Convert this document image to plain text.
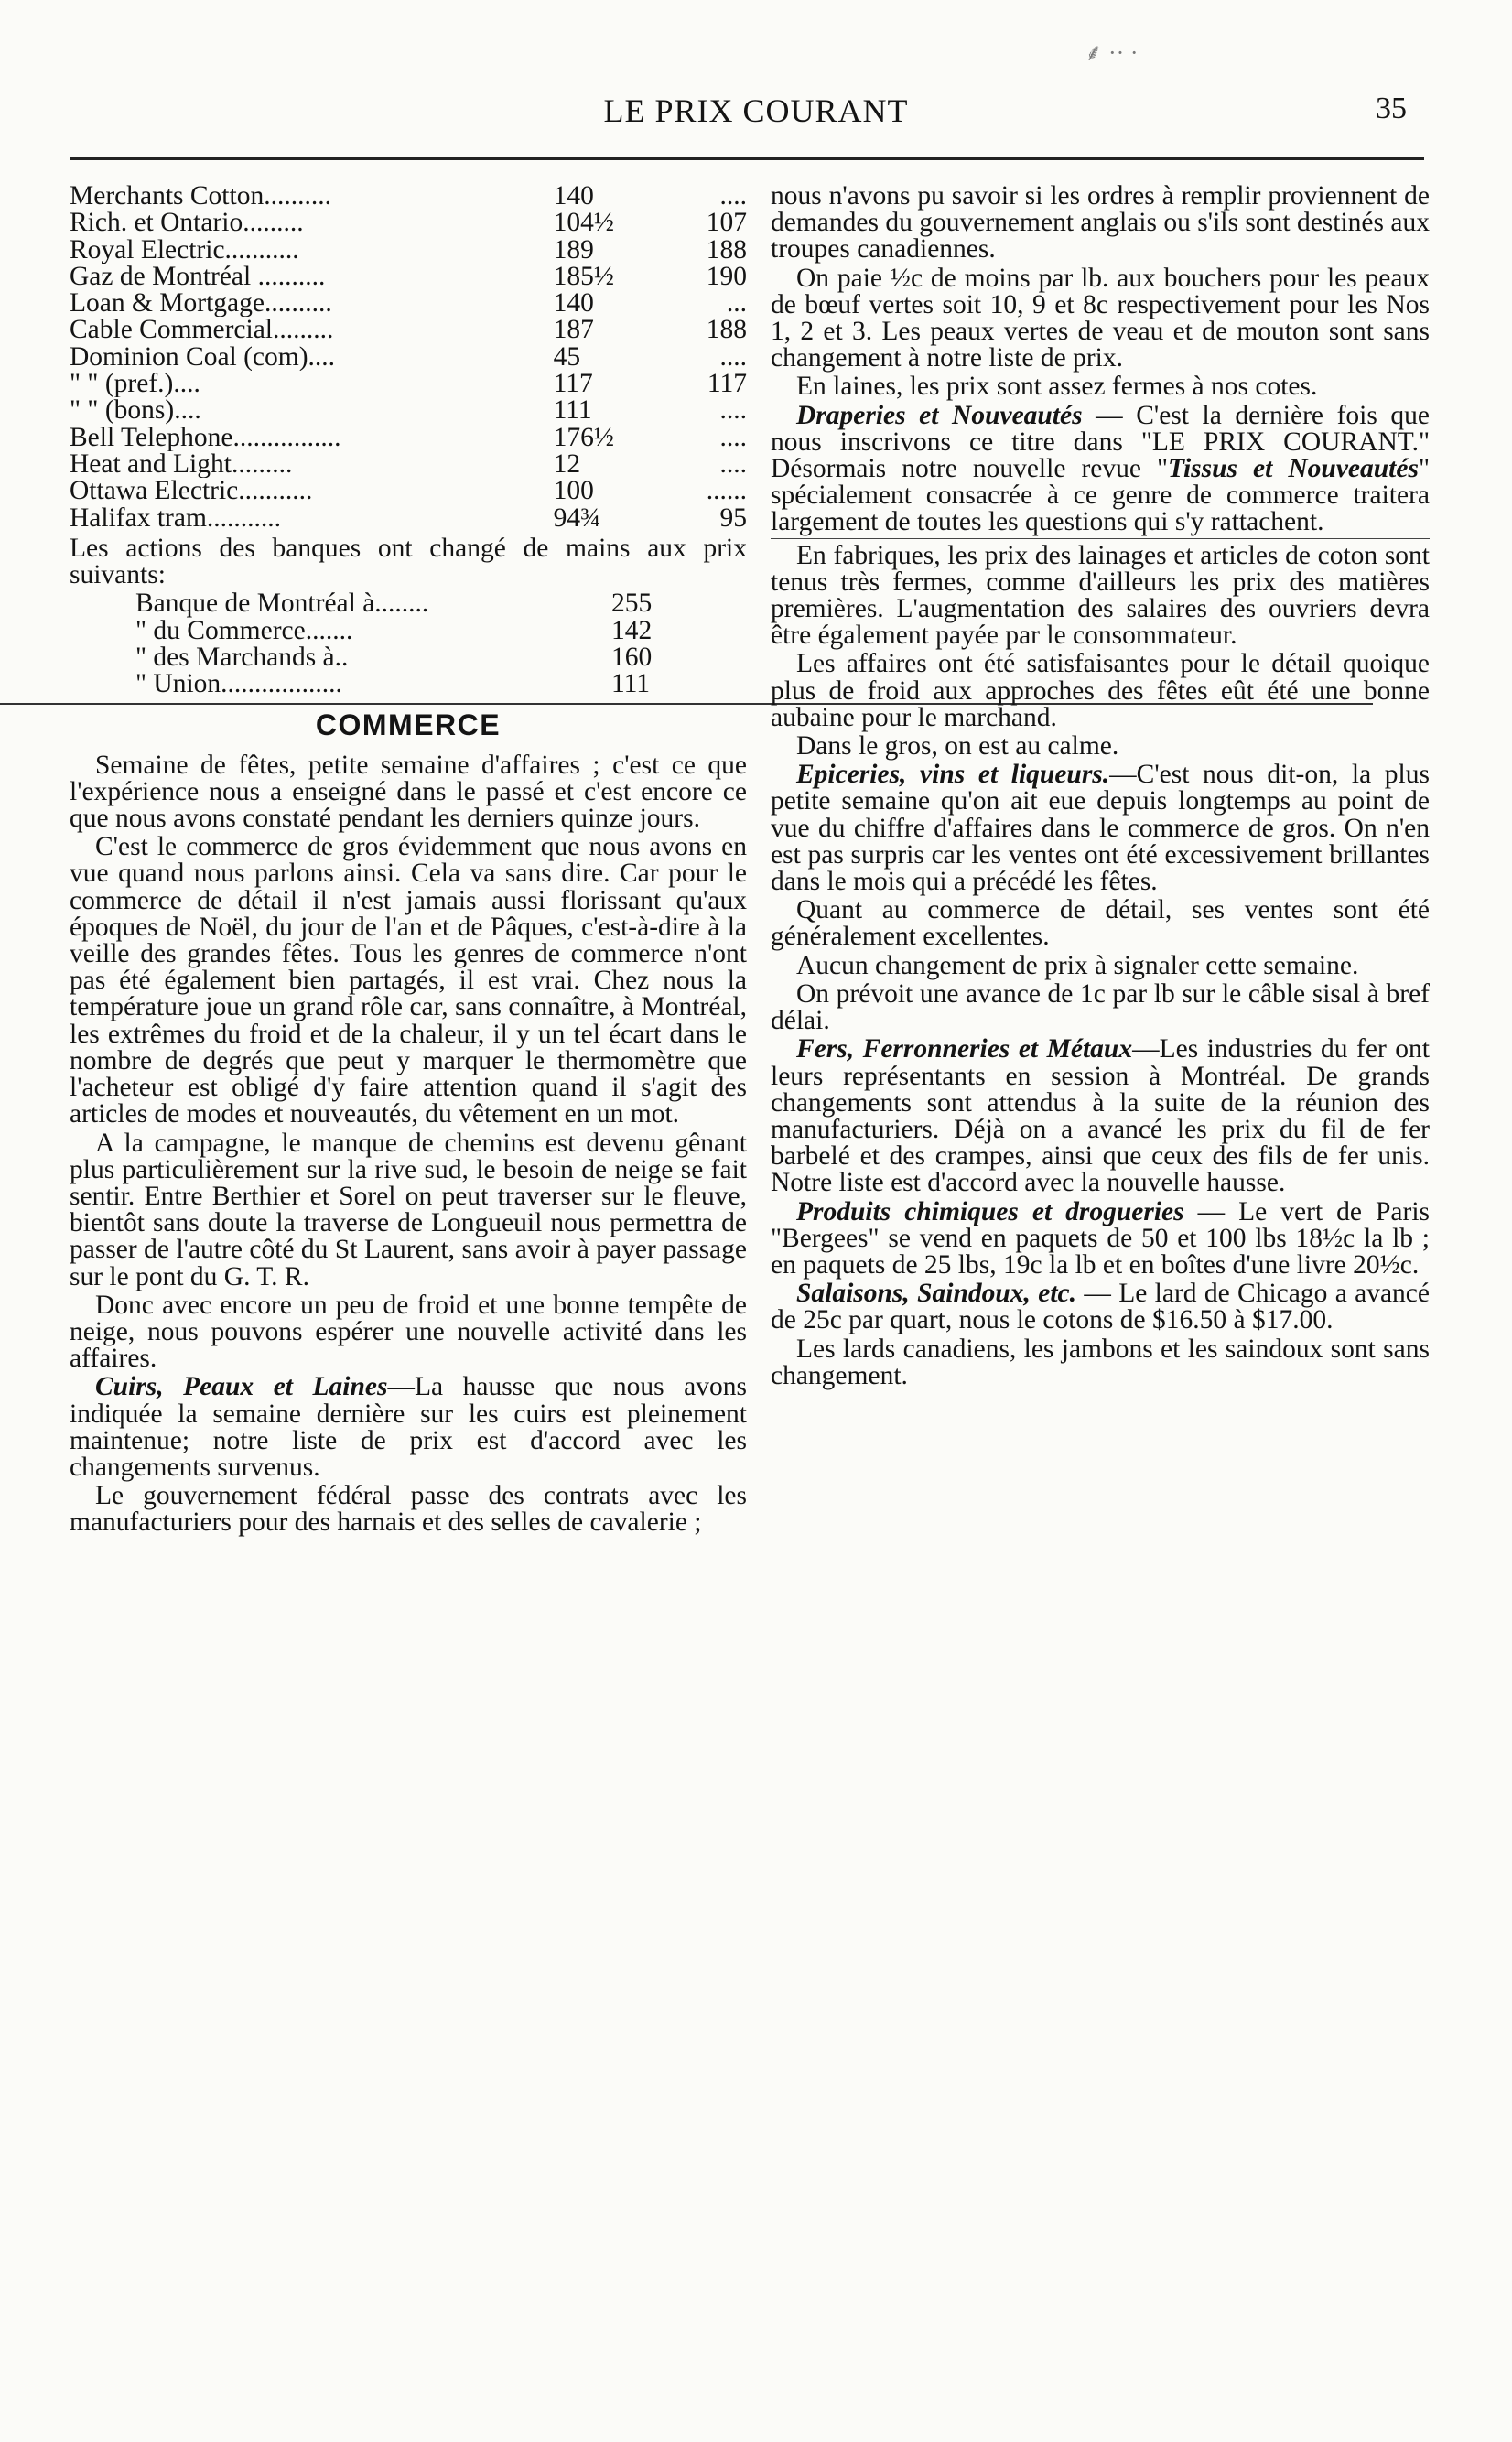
⸙ ·· ·
LE PRIX COURANT	35
Merchants Cotton..........	140	....
Rich. et Ontario.........	104½	107
Royal Electric...........	189	188
Gaz de Montréal ..........	185½	190
Loan & Mortgage..........	140	...
Cable Commercial.........	187	188
Dominion Coal (com)....	45	....
" " (pref.)....	117	117
" " (bons)....	111	....
Bell Telephone................	176½	....
Heat and Light.........	12	....
Ottawa Electric...........	100	......
Halifax tram...........	94¾	95

Les actions des banques ont changé de mains aux prix suivants:

Banque de Montréal à........	255
" du Commerce.......	142
" des Marchands à..	160
" Union..................	111
COMMERCE

Semaine de fêtes, petite semaine d'affaires ; c'est ce que l'expérience nous a enseigné dans le passé et c'est encore ce que nous avons constaté pendant les derniers quinze jours.

C'est le commerce de gros évidemment que nous avons en vue quand nous parlons ainsi. Cela va sans dire. Car pour le commerce de détail il n'est jamais aussi florissant qu'aux époques de Noël, du jour de l'an et de Pâques, c'est-à-dire à la veille des grandes fêtes. Tous les genres de commerce n'ont pas été également bien partagés, il est vrai. Chez nous la température joue un grand rôle car, sans connaître, à Montréal, les extrêmes du froid et de la chaleur, il y un tel écart dans le nombre de degrés que peut y marquer le thermomètre que l'acheteur est obligé d'y faire attention quand il s'agit des articles de modes et nouveautés, du vêtement en un mot.

A la campagne, le manque de chemins est devenu gênant plus particulièrement sur la rive sud, le besoin de neige se fait sentir. Entre Berthier et Sorel on peut traverser sur le fleuve, bientôt sans doute la traverse de Longueuil nous permettra de passer de l'autre côté du St Laurent, sans avoir à payer passage sur le pont du G. T. R.

Donc avec encore un peu de froid et une bonne tempête de neige, nous pouvons espérer une nouvelle activité dans les affaires.

Cuirs, Peaux et Laines—La hausse que nous avons indiquée la semaine dernière sur les cuirs est pleinement maintenue; notre liste de prix est d'accord avec les changements survenus.

Le gouvernement fédéral passe des contrats avec les manufacturiers pour des harnais et des selles de cavalerie ;

nous n'avons pu savoir si les ordres à remplir proviennent de demandes du gouvernement anglais ou s'ils sont destinés aux troupes canadiennes.

On paie ½c de moins par lb. aux bouchers pour les peaux de bœuf vertes soit 10, 9 et 8c respectivement pour les Nos 1, 2 et 3. Les peaux vertes de veau et de mouton sont sans changement à notre liste de prix.

En laines, les prix sont assez fermes à nos cotes.

Draperies et Nouveautés — C'est la dernière fois que nous inscrivons ce titre dans "LE PRIX COURANT." Désormais notre nouvelle revue "Tissus et Nouveautés" spécialement consacrée à ce genre de commerce traitera largement de toutes les questions qui s'y rattachent.

En fabriques, les prix des lainages et articles de coton sont tenus très fermes, comme d'ailleurs les prix des matières premières. L'augmentation des salaires des ouvriers devra être également payée par le consommateur.

Les affaires ont été satisfaisantes pour le détail quoique plus de froid aux approches des fêtes eût été une bonne aubaine pour le marchand.

Dans le gros, on est au calme.

Epiceries, vins et liqueurs.—C'est nous dit-on, la plus petite semaine qu'on ait eue depuis longtemps au point de vue du chiffre d'affaires dans le commerce de gros. On n'en est pas surpris car les ventes ont été excessivement brillantes dans le mois qui a précédé les fêtes.

Quant au commerce de détail, ses ventes sont été généralement excellentes.

Aucun changement de prix à signaler cette semaine.

On prévoit une avance de 1c par lb sur le câble sisal à bref délai.

Fers, Ferronneries et Métaux—Les industries du fer ont leurs représentants en session à Montréal. De grands changements sont attendus à la suite de la réunion des manufacturiers. Déjà on a avancé les prix du fil de fer barbelé et des crampes, ainsi que ceux des fils de fer unis. Notre liste est d'accord avec la nouvelle hausse.

Produits chimiques et drogueries — Le vert de Paris "Bergees" se vend en paquets de 50 et 100 lbs 18½c la lb ; en paquets de 25 lbs, 19c la lb et en boîtes d'une livre 20½c.

Salaisons, Saindoux, etc. — Le lard de Chicago a avancé de 25c par quart, nous le cotons de $16.50 à $17.00.

Les lards canadiens, les jambons et les saindoux sont sans changement.
